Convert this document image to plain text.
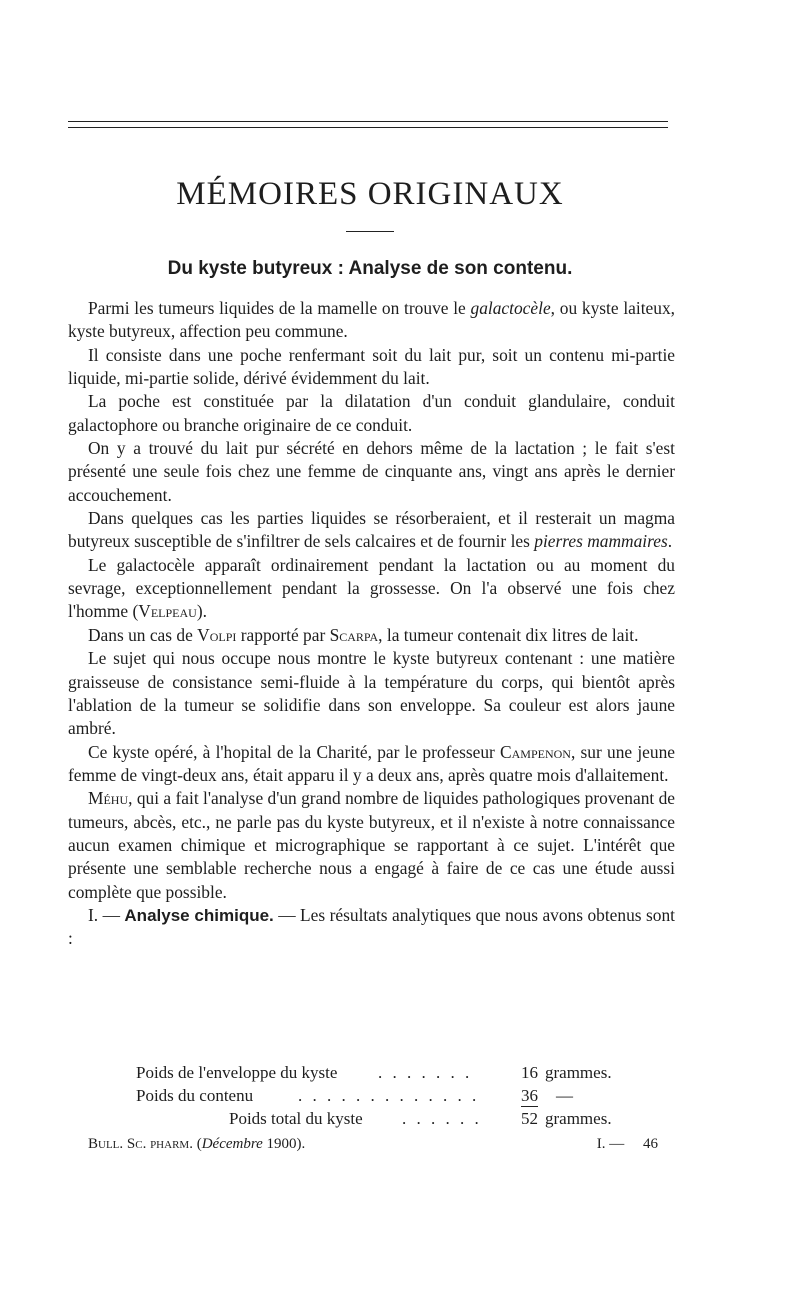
MÉMOIRES ORIGINAUX
Du kyste butyreux : Analyse de son contenu.

Parmi les tumeurs liquides de la mamelle on trouve le galactocèle, ou kyste laiteux, kyste butyreux, affection peu commune.

Il consiste dans une poche renfermant soit du lait pur, soit un contenu mi-partie liquide, mi-partie solide, dérivé évidemment du lait.

La poche est constituée par la dilatation d'un conduit glandulaire, conduit galactophore ou branche originaire de ce conduit.

On y a trouvé du lait pur sécrété en dehors même de la lactation ; le fait s'est présenté une seule fois chez une femme de cinquante ans, vingt ans après le dernier accouchement.

Dans quelques cas les parties liquides se résorberaient, et il resterait un magma butyreux susceptible de s'infiltrer de sels calcaires et de fournir les pierres mammaires.

Le galactocèle apparaît ordinairement pendant la lactation ou au moment du sevrage, exceptionnellement pendant la grossesse. On l'a observé une fois chez l'homme (Velpeau).

Dans un cas de Volpi rapporté par Scarpa, la tumeur contenait dix litres de lait.

Le sujet qui nous occupe nous montre le kyste butyreux contenant : une matière graisseuse de consistance semi-fluide à la température du corps, qui bientôt après l'ablation de la tumeur se solidifie dans son enveloppe. Sa couleur est alors jaune ambré.

Ce kyste opéré, à l'hopital de la Charité, par le professeur Campenon, sur une jeune femme de vingt-deux ans, était apparu il y a deux ans, après quatre mois d'allaitement.

Méhu, qui a fait l'analyse d'un grand nombre de liquides pathologiques provenant de tumeurs, abcès, etc., ne parle pas du kyste butyreux, et il n'existe à notre connaissance aucun examen chimique et micrographique se rapportant à ce sujet. L'intérêt que présente une semblable recherche nous a engagé à faire de ce cas une étude aussi complète que possible.

I. — Analyse chimique. — Les résultats analytiques que nous avons obtenus sont :

Poids de l'enveloppe du kyste . . . . . . .	16 grammes.
Poids du contenu	. . . . . . . . . . . . .	36 —
Poids total du kyste . . . . . .	52 grammes.
Bull. Sc. pharm. (Décembre 1900).	I. — 46
